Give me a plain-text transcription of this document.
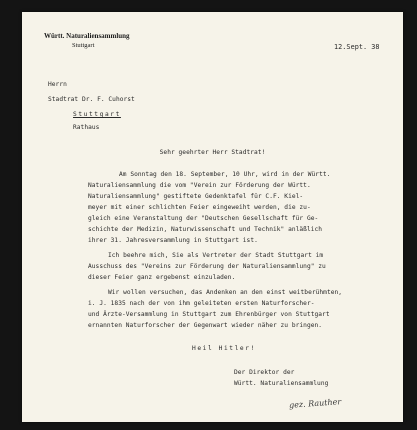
Württ. Naturaliensammlung
Stuttgart	12.Sept. 38
Herrn
Stadtrat Dr. F. Cuhorst
Stuttgart
Rathaus
Sehr geehrter Herr Stadtrat!
Am Sonntag den 18. September, 10 Uhr, wird in der Württ.
Naturaliensammlung die vom "Verein zur Förderung der Württ.
Naturaliensammlung" gestiftete Gedenktafel für C.F. Kiel-
meyer mit einer schlichten Feier eingeweiht werden, die zu-
gleich eine Veranstaltung der "Deutschen Gesellschaft für Ge-
schichte der Medizin, Naturwissenschaft und Technik" anläßlich
ihrer 31. Jahresversammlung in Stuttgart ist.
Ich beehre mich, Sie als Vertreter der Stadt Stuttgart im
Ausschuss des "Vereins zur Förderung der Naturaliensammlung" zu
dieser Feier ganz ergebenst einzuladen.
Wir wollen versuchen, das Andenken an den einst weitberühmten,
i. J. 1835 nach der von ihm geleiteten ersten Naturforscher-
und Ärzte-Versammlung in Stuttgart zum Ehrenbürger von Stuttgart
ernannten Naturforscher der Gegenwart wieder näher zu bringen.
Heil Hitler!
Der Direktor der
Württ. Naturaliensammlung
gez. Rauther
